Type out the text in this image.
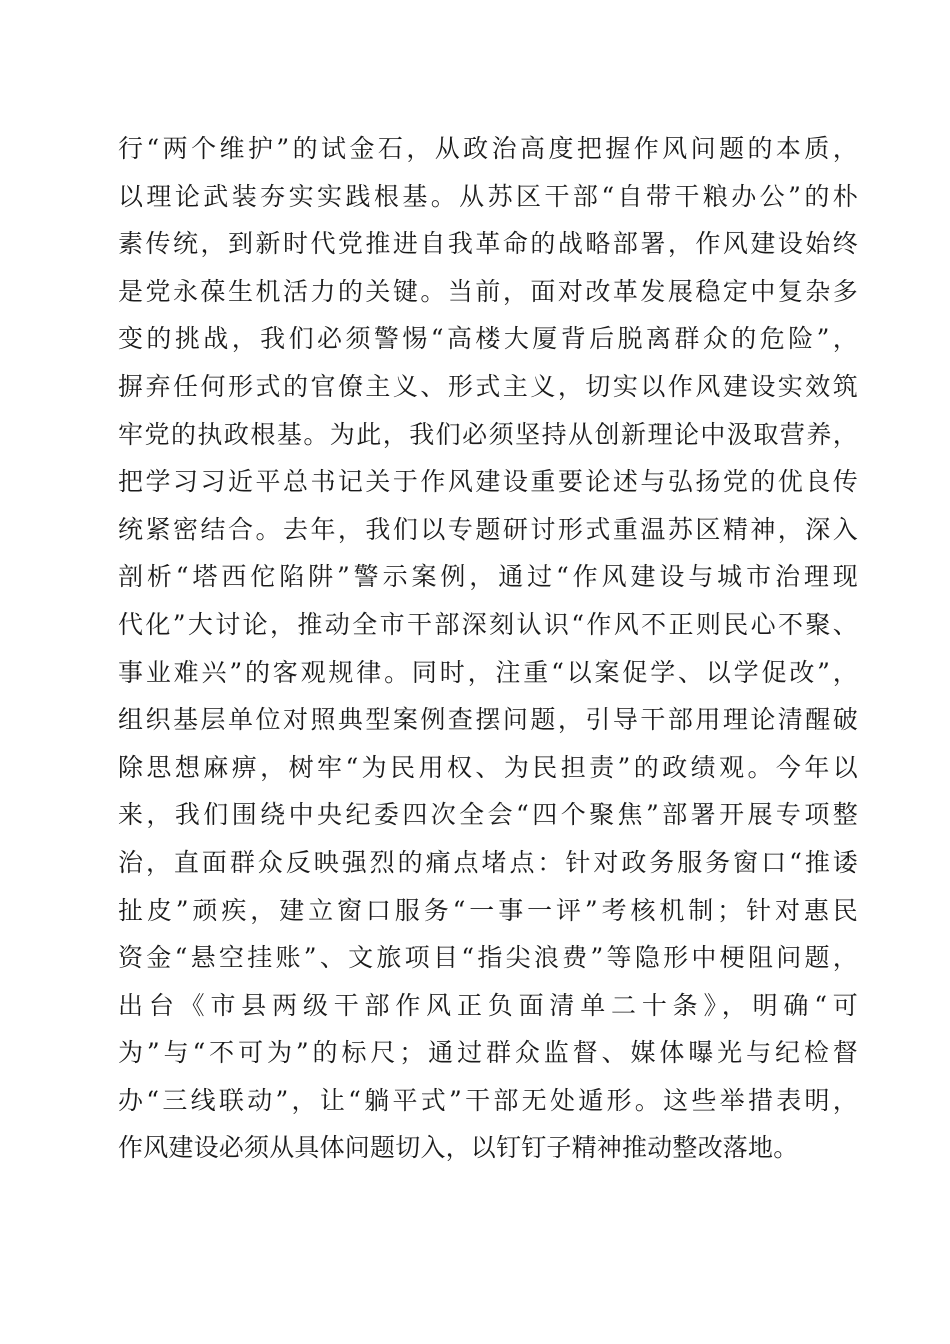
行“两个维护”的试金石，从政治高度把握作风问题的本质，
以理论武装夯实实践根基。从苏区干部“自带干粮办公”的朴
素传统，到新时代党推进自我革命的战略部署，作风建设始终
是党永葆生机活力的关键。当前，面对改革发展稳定中复杂多
变的挑战，我们必须警惕“高楼大厦背后脱离群众的危险”，
摒弃任何形式的官僚主义、形式主义，切实以作风建设实效筑
牢党的执政根基。为此，我们必须坚持从创新理论中汲取营养，
把学习习近平总书记关于作风建设重要论述与弘扬党的优良传
统紧密结合。去年，我们以专题研讨形式重温苏区精神，深入
剖析“塔西佗陷阱”警示案例，通过“作风建设与城市治理现
代化”大讨论，推动全市干部深刻认识“作风不正则民心不聚、
事业难兴”的客观规律。同时，注重“以案促学、以学促改”，
组织基层单位对照典型案例查摆问题，引导干部用理论清醒破
除思想麻痹，树牢“为民用权、为民担责”的政绩观。今年以
来，我们围绕中央纪委四次全会“四个聚焦”部署开展专项整
治，直面群众反映强烈的痛点堵点：针对政务服务窗口“推诿
扯皮”顽疾，建立窗口服务“一事一评”考核机制；针对惠民
资金“悬空挂账”、文旅项目“指尖浪费”等隐形中梗阻问题，
出台《市县两级干部作风正负面清单二十条》，明确“可
为”与“不可为”的标尺；通过群众监督、媒体曝光与纪检督
办“三线联动”，让“躺平式”干部无处遁形。这些举措表明，
作风建设必须从具体问题切入，以钉钉子精神推动整改落地。
